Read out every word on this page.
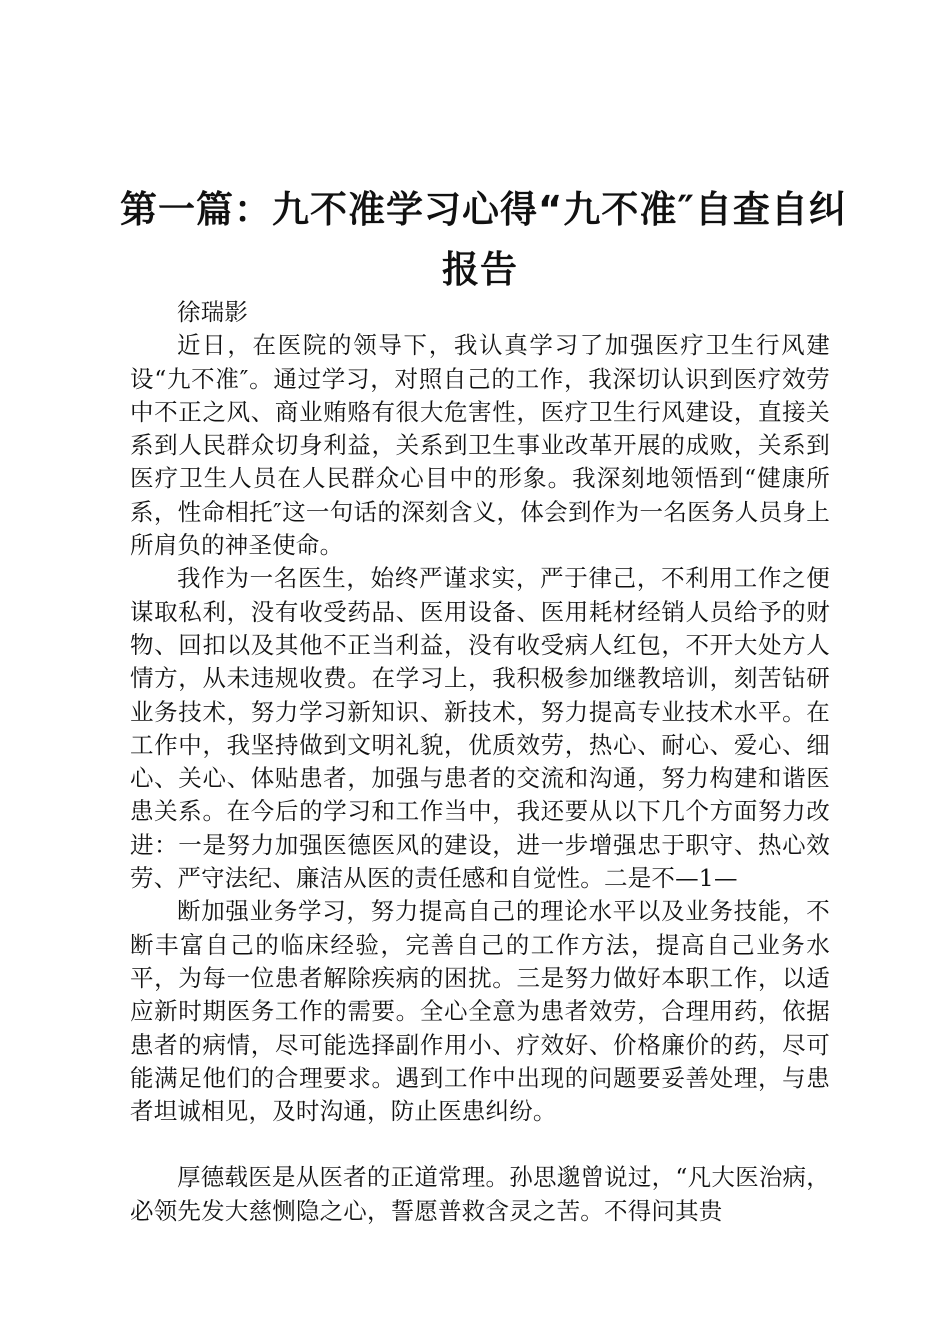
第一篇：九不准学习心得“九不准″自查自纠
报告

徐瑞影

近日，在医院的领导下，我认真学习了加强医疗卫生行风建设“九不准″。通过学习，对照自己的工作，我深切认识到医疗效劳中不正之风、商业贿赂有很大危害性，医疗卫生行风建设，直接关系到人民群众切身利益，关系到卫生事业改革开展的成败，关系到医疗卫生人员在人民群众心目中的形象。我深刻地领悟到“健康所系，性命相托″这一句话的深刻含义，体会到作为一名医务人员身上所肩负的神圣使命。

我作为一名医生，始终严谨求实，严于律己，不利用工作之便谋取私利，没有收受药品、医用设备、医用耗材经销人员给予的财物、回扣以及其他不正当利益，没有收受病人红包，不开大处方人情方，从未违规收费。在学习上，我积极参加继教培训，刻苦钻研业务技术，努力学习新知识、新技术，努力提高专业技术水平。在工作中，我坚持做到文明礼貌，优质效劳，热心、耐心、爱心、细心、关心、体贴患者，加强与患者的交流和沟通，努力构建和谐医患关系。在今后的学习和工作当中，我还要从以下几个方面努力改进：一是努力加强医德医风的建设，进一步增强忠于职守、热心效劳、严守法纪、廉洁从医的责任感和自觉性。二是不—1—

断加强业务学习，努力提高自己的理论水平以及业务技能，不断丰富自己的临床经验，完善自己的工作方法，提高自己业务水平，为每一位患者解除疾病的困扰。三是努力做好本职工作，以适应新时期医务工作的需要。全心全意为患者效劳，合理用药，依据患者的病情，尽可能选择副作用小、疗效好、价格廉价的药，尽可能满足他们的合理要求。遇到工作中出现的问题要妥善处理，与患者坦诚相见，及时沟通，防止医患纠纷。

厚德载医是从医者的正道常理。孙思邈曾说过，“凡大医治病，必领先发大慈恻隐之心，誓愿普救含灵之苦。不得问其贵
